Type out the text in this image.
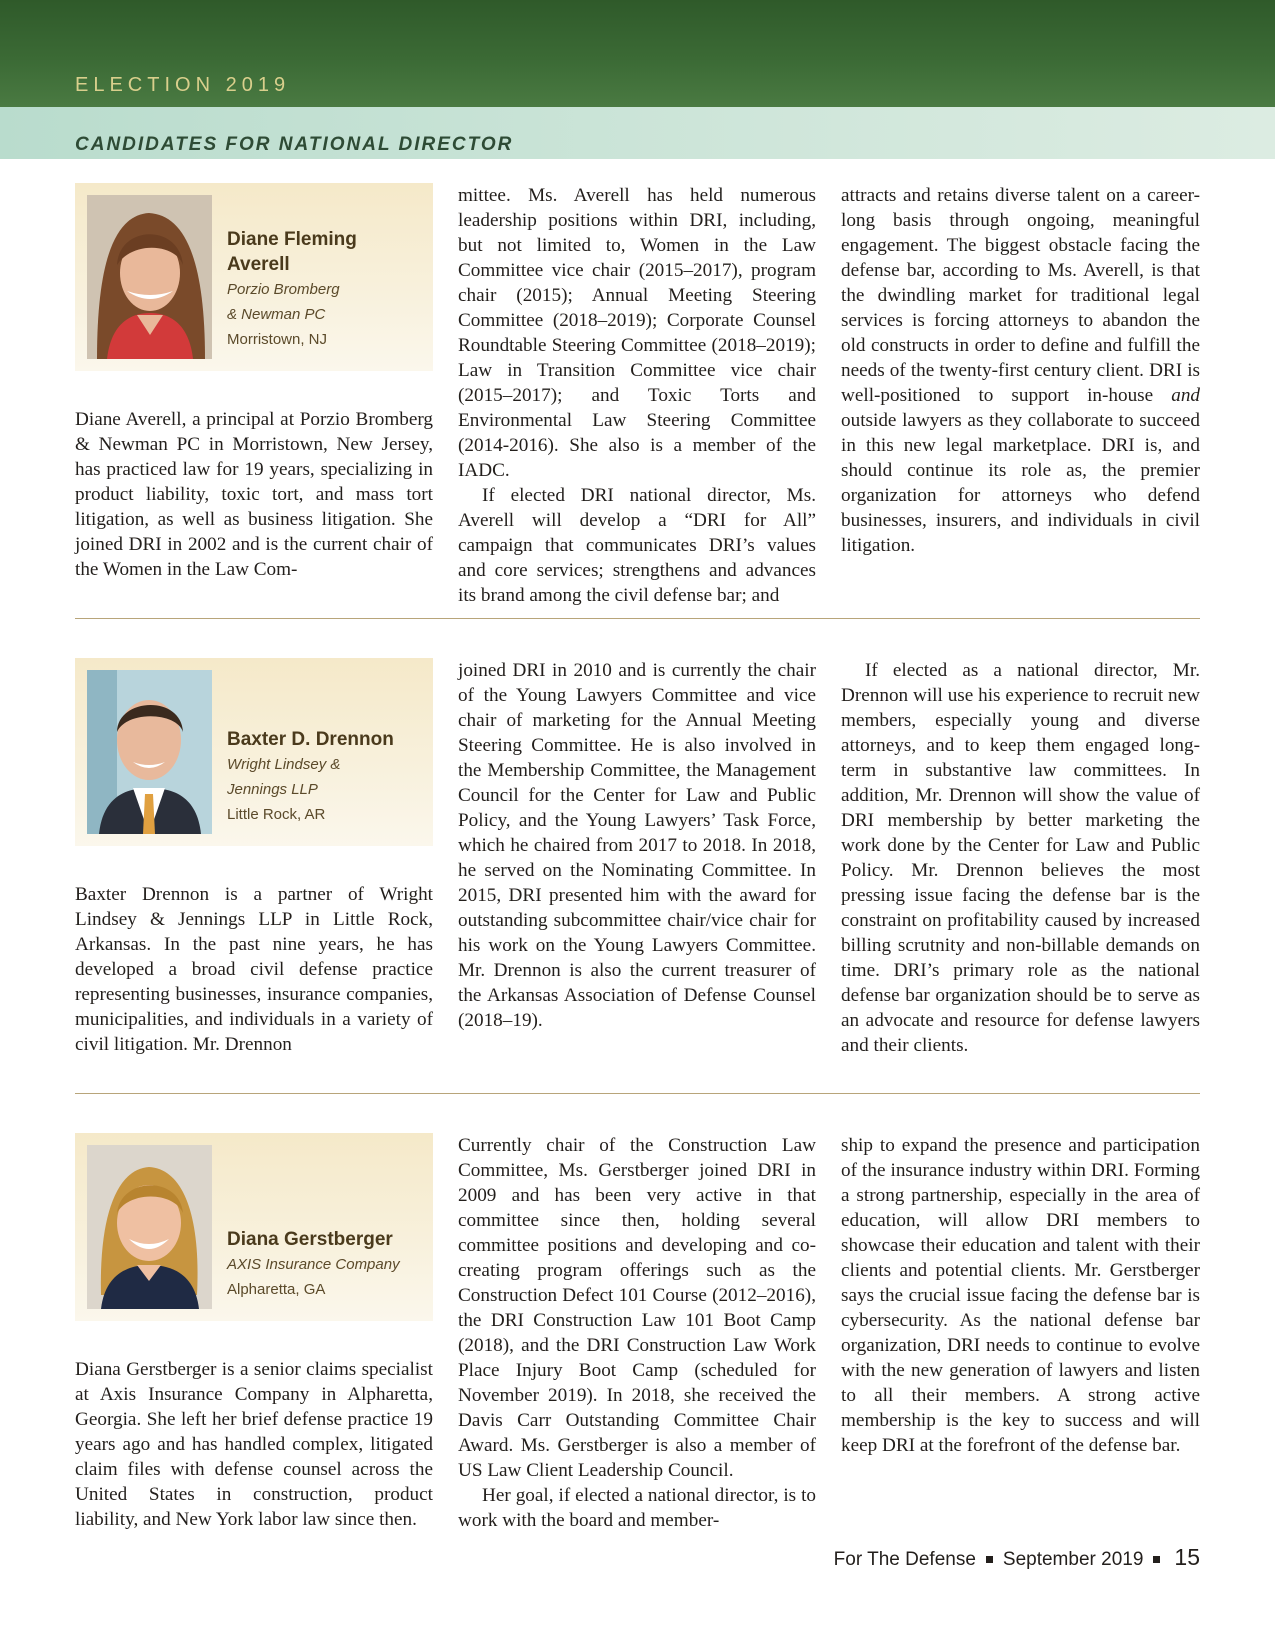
ELECTION 2019
CANDIDATES FOR NATIONAL DIRECTOR
Diane Fleming
Averell
Porzio Bromberg
& Newman PC
Morristown, NJ

Diane Averell, a principal at Porzio Bromberg & Newman PC in Morristown, New Jersey, has practiced law for 19 years, specializing in product liability, toxic tort, and mass tort litigation, as well as business litigation. She joined DRI in 2002 and is the current chair of the Women in the Law Com-

mittee. Ms. Averell has held numerous leadership positions within DRI, including, but not limited to, Women in the Law Committee vice chair (2015–2017), program chair (2015); Annual Meeting Steering Committee (2018–2019); Corporate Counsel Roundtable Steering Committee (2018–2019); Law in Transition Committee vice chair (2015–2017); and Toxic Torts and Environmental Law Steering Committee (2014-2016). She also is a member of the IADC.

If elected DRI national director, Ms. Averell will develop a “DRI for All” campaign that communicates DRI’s values and core services; strengthens and advances its brand among the civil defense bar; and

attracts and retains diverse talent on a career-long basis through ongoing, meaningful engagement. The biggest obstacle facing the defense bar, according to Ms. Averell, is that the dwindling market for traditional legal services is forcing attorneys to abandon the old constructs in order to define and fulfill the needs of the twenty-first century client. DRI is well-positioned to support in-house and outside lawyers as they collaborate to succeed in this new legal marketplace. DRI is, and should continue its role as, the premier organization for attorneys who defend businesses, insurers, and individuals in civil litigation.

Baxter D. Drennon
Wright Lindsey &
Jennings LLP
Little Rock, AR

Baxter Drennon is a partner of Wright Lindsey & Jennings LLP in Little Rock, Arkansas. In the past nine years, he has developed a broad civil defense practice representing businesses, insurance companies, municipalities, and individuals in a variety of civil litigation. Mr. Drennon

joined DRI in 2010 and is currently the chair of the Young Lawyers Committee and vice chair of marketing for the Annual Meeting Steering Committee. He is also involved in the Membership Committee, the Management Council for the Center for Law and Public Policy, and the Young Lawyers’ Task Force, which he chaired from 2017 to 2018. In 2018, he served on the Nominating Committee. In 2015, DRI presented him with the award for outstanding subcommittee chair/vice chair for his work on the Young Lawyers Committee. Mr. Drennon is also the current treasurer of the Arkansas Association of Defense Counsel (2018–19).

If elected as a national director, Mr. Drennon will use his experience to recruit new members, especially young and diverse attorneys, and to keep them engaged long-term in substantive law committees. In addition, Mr. Drennon will show the value of DRI membership by better marketing the work done by the Center for Law and Public Policy. Mr. Drennon believes the most pressing issue facing the defense bar is the constraint on profitability caused by increased billing scrutnity and non-billable demands on time. DRI’s primary role as the national defense bar organization should be to serve as an advocate and resource for defense lawyers and their clients.

Diana Gerstberger
AXIS Insurance Company
Alpharetta, GA

Diana Gerstberger is a senior claims specialist at Axis Insurance Company in Alpharetta, Georgia. She left her brief defense practice 19 years ago and has handled complex, litigated claim files with defense counsel across the United States in construction, product liability, and New York labor law since then.

Currently chair of the Construction Law Committee, Ms. Gerstberger joined DRI in 2009 and has been very active in that committee since then, holding several committee positions and developing and co-creating program offerings such as the Construction Defect 101 Course (2012–2016), the DRI Construction Law 101 Boot Camp (2018), and the DRI Construction Law Work Place Injury Boot Camp (scheduled for November 2019). In 2018, she received the Davis Carr Outstanding Committee Chair Award. Ms. Gerstberger is also a member of US Law Client Leadership Council.

Her goal, if elected a national director, is to work with the board and member-

ship to expand the presence and participation of the insurance industry within DRI. Forming a strong partnership, especially in the area of education, will allow DRI members to showcase their education and talent with their clients and potential clients. Mr. Gerstberger says the crucial issue facing the defense bar is cybersecurity. As the national defense bar organization, DRI needs to continue to evolve with the new generation of lawyers and listen to all their members. A strong active membership is the key to success and will keep DRI at the forefront of the defense bar.

For The Defense September 2019 15
